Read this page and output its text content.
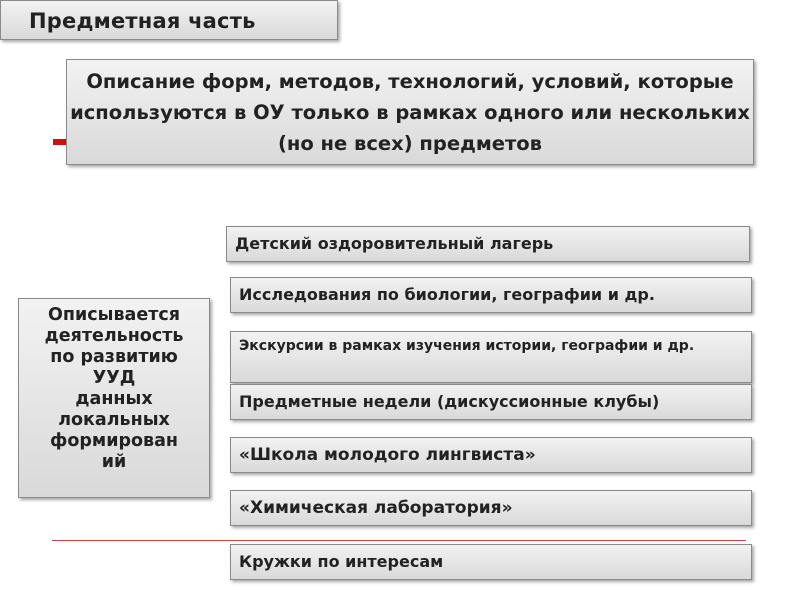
Предметная часть
Описание форм, методов, технологий, условий, которые используются в ОУ только в рамках одного или нескольких (но не всех) предметов
Описывается
деятельность
по развитию
УУД
данных
локальных
формирован
ий
Детский оздоровительный лагерь
Исследования по биологии, географии и др.
Экскурсии в рамках изучения истории, географии и др.
Предметные недели (дискуссионные клубы)
«Школа молодого лингвиста»
«Химическая лаборатория»
Кружки по интересам
